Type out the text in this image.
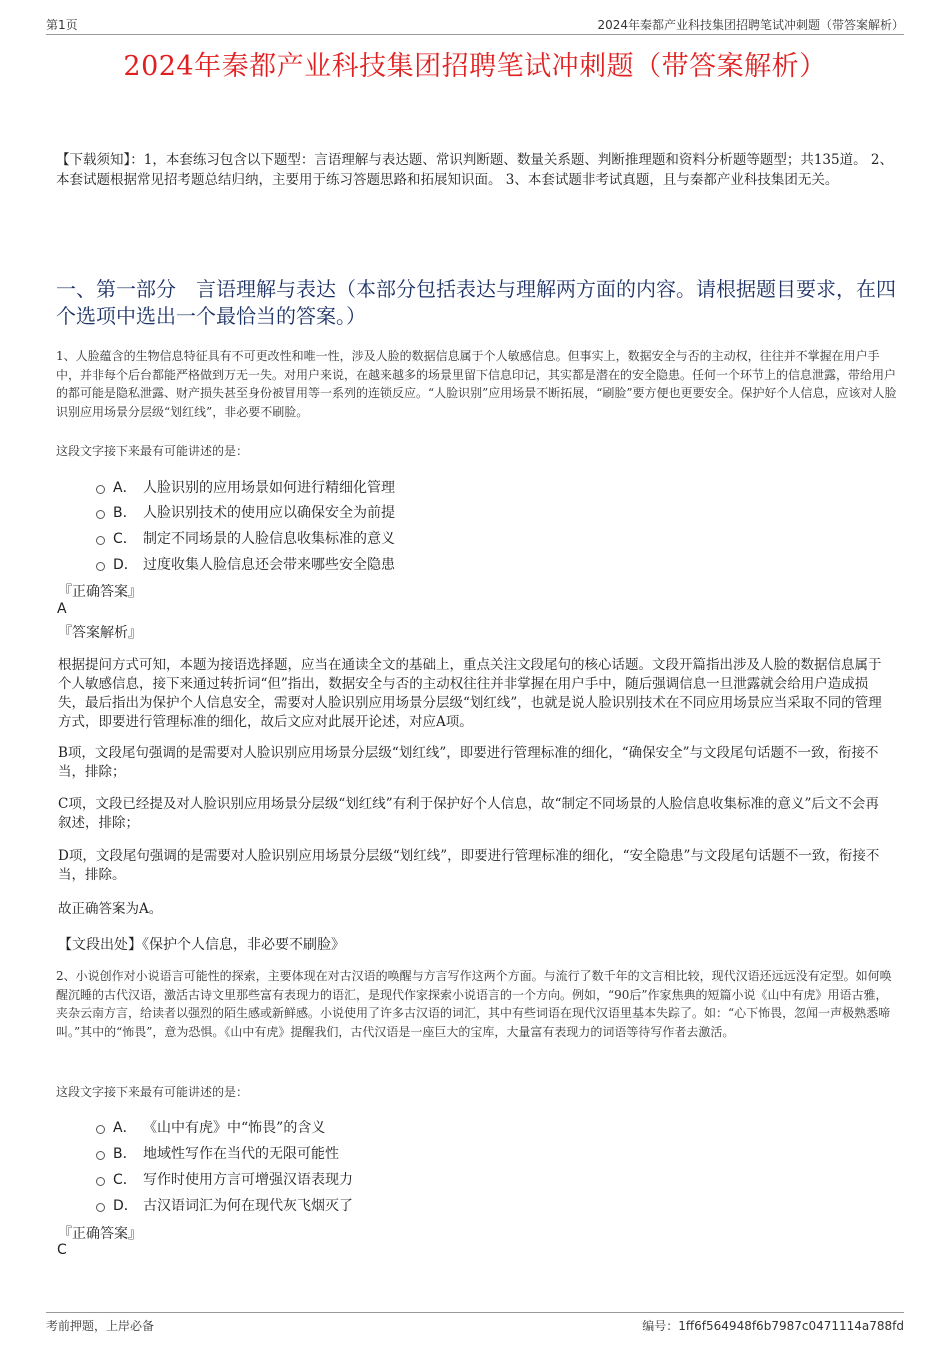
第1页	2024年秦都产业科技集团招聘笔试冲刺题（带答案解析）
2024年秦都产业科技集团招聘笔试冲刺题（带答案解析）
【下载须知】：1，本套练习包含以下题型：言语理解与表达题、常识判断题、数量关系题、判断推理题和资料分析题等题型；共135道。 2、本套试题根据常见招考题总结归纳，主要用于练习答题思路和拓展知识面。 3、本套试题非考试真题，且与秦都产业科技集团无关。
一、第一部分　言语理解与表达（本部分包括表达与理解两方面的内容。请根据题目要求，在四个选项中选出一个最恰当的答案。）
1、人脸蕴含的生物信息特征具有不可更改性和唯一性，涉及人脸的数据信息属于个人敏感信息。但事实上，数据安全与否的主动权，往往并不掌握在用户手中，并非每个后台都能严格做到万无一失。对用户来说，在越来越多的场景里留下信息印记，其实都是潜在的安全隐患。任何一个环节上的信息泄露，带给用户的都可能是隐私泄露、财产损失甚至身份被冒用等一系列的连锁反应。“人脸识别”应用场景不断拓展，“刷脸”要方便也更要安全。保护好个人信息，应该对人脸识别应用场景分层级“划红线”，非必要不刷脸。
这段文字接下来最有可能讲述的是：
A． 人脸识别的应用场景如何进行精细化管理
B． 人脸识别技术的使用应以确保安全为前提
C． 制定不同场景的人脸信息收集标准的意义
D． 过度收集人脸信息还会带来哪些安全隐患
『正确答案』
A
『答案解析』
根据提问方式可知，本题为接语选择题，应当在通读全文的基础上，重点关注文段尾句的核心话题。文段开篇指出涉及人脸的数据信息属于个人敏感信息，接下来通过转折词“但”指出，数据安全与否的主动权往往并非掌握在用户手中，随后强调信息一旦泄露就会给用户造成损失，最后指出为保护个人信息安全，需要对人脸识别应用场景分层级“划红线”，也就是说人脸识别技术在不同应用场景应当采取不同的管理方式，即要进行管理标准的细化，故后文应对此展开论述，对应A项。
B项，文段尾句强调的是需要对人脸识别应用场景分层级“划红线”，即要进行管理标准的细化，“确保安全”与文段尾句话题不一致，衔接不当，排除；
C项，文段已经提及对人脸识别应用场景分层级“划红线”有利于保护好个人信息，故“制定不同场景的人脸信息收集标准的意义”后文不会再叙述，排除；
D项，文段尾句强调的是需要对人脸识别应用场景分层级“划红线”，即要进行管理标准的细化，“安全隐患”与文段尾句话题不一致，衔接不当，排除。
故正确答案为A。
【文段出处】《保护个人信息，非必要不刷脸》
2、小说创作对小说语言可能性的探索，主要体现在对古汉语的唤醒与方言写作这两个方面。与流行了数千年的文言相比较，现代汉语还远远没有定型。如何唤醒沉睡的古代汉语，激活古诗文里那些富有表现力的语汇，是现代作家探索小说语言的一个方向。例如，“90后”作家焦典的短篇小说《山中有虎》用语古雅，夹杂云南方言，给读者以强烈的陌生感或新鲜感。小说使用了许多古汉语的词汇，其中有些词语在现代汉语里基本失踪了。如：“心下怖畏，忽闻一声极熟悉啼叫。”其中的“怖畏”，意为恐惧。《山中有虎》提醒我们，古代汉语是一座巨大的宝库，大量富有表现力的词语等待写作者去激活。
这段文字接下来最有可能讲述的是：
A． 《山中有虎》中“怖畏”的含义
B． 地域性写作在当代的无限可能性
C． 写作时使用方言可增强汉语表现力
D． 古汉语词汇为何在现代灰飞烟灭了
『正确答案』
C
考前押题，上岸必备	编号：1ff6f564948f6b7987c0471114a788fd
